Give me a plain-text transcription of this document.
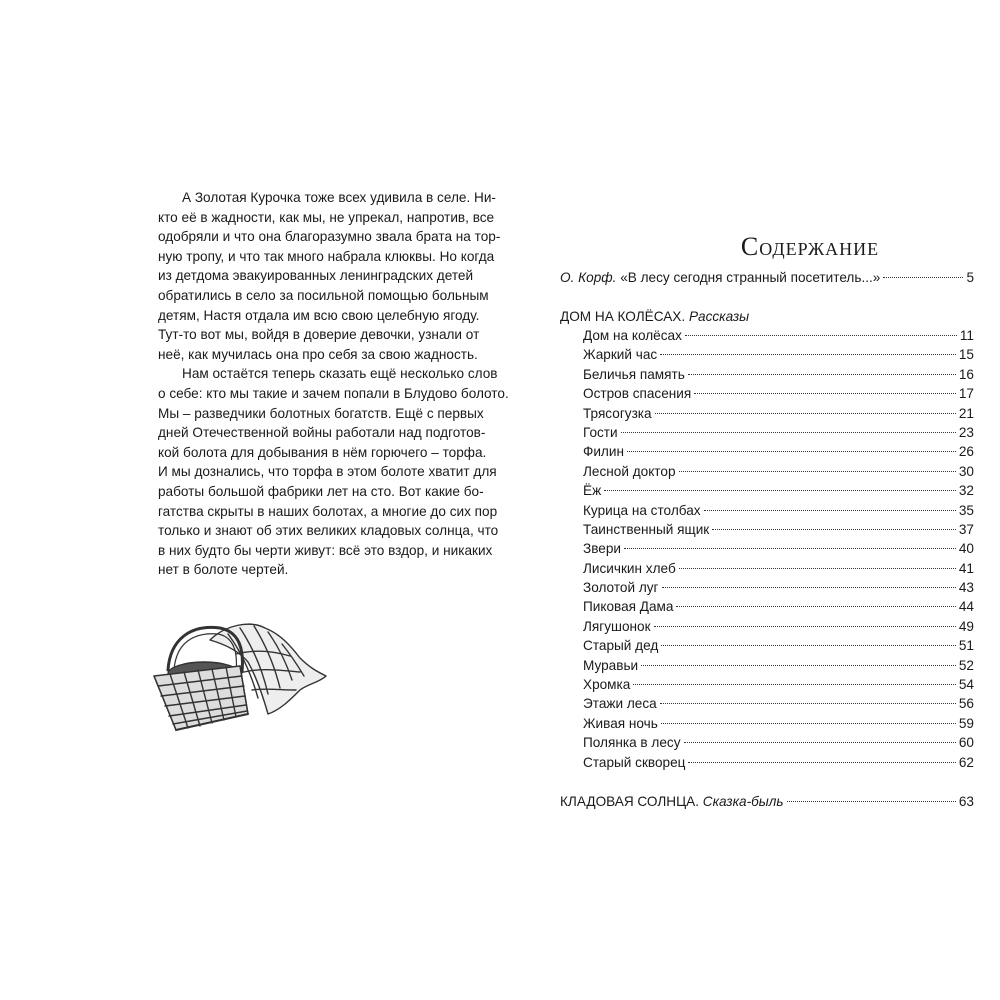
А Золотая Курочка тоже всех удивила в селе. Ни-
кто её в жадности, как мы, не упрекал, напротив, все
одобряли и что она благоразумно звала брата на тор-
ную тропу, и что так много набрала клюквы. Но когда
из детдома эвакуированных ленинградских детей
обратились в село за посильной помощью больным
детям, Настя отдала им всю свою целебную ягоду.
Тут-то вот мы, войдя в доверие девочки, узнали от
неё, как мучилась она про себя за свою жадность.

Нам остаётся теперь сказать ещё несколько слов
о себе: кто мы такие и зачем попали в Блудово болото.
Мы – разведчики болотных богатств. Ещё с первых
дней Отечественной войны работали над подготов-
кой болота для добывания в нём горючего – торфа.
И мы дознались, что торфа в этом болоте хватит для
работы большой фабрики лет на сто. Вот какие бо-
гатства скрыты в наших болотах, а многие до сих пор
только и знают об этих великих кладовых солнца, что
в них будто бы черти живут: всё это вздор, и никаких
нет в болоте чертей.

Содержание
О. Корф. «В лесу сегодня странный посетитель...»	5
ДОМ НА КОЛЁСАХ. Рассказы
Дом на колёсах	11
Жаркий час	15
Беличья память	16
Остров спасения	17
Трясогузка	21
Гости	23
Филин	26
Лесной доктор	30
Ёж	32
Курица на столбах	35
Таинственный ящик	37
Звери	40
Лисичкин хлеб	41
Золотой луг	43
Пиковая Дама	44
Лягушонок	49
Старый дед	51
Муравьи	52
Хромка	54
Этажи леса	56
Живая ночь	59
Полянка в лесу	60
Старый скворец	62
КЛАДОВАЯ СОЛНЦА. Сказка-быль	63
